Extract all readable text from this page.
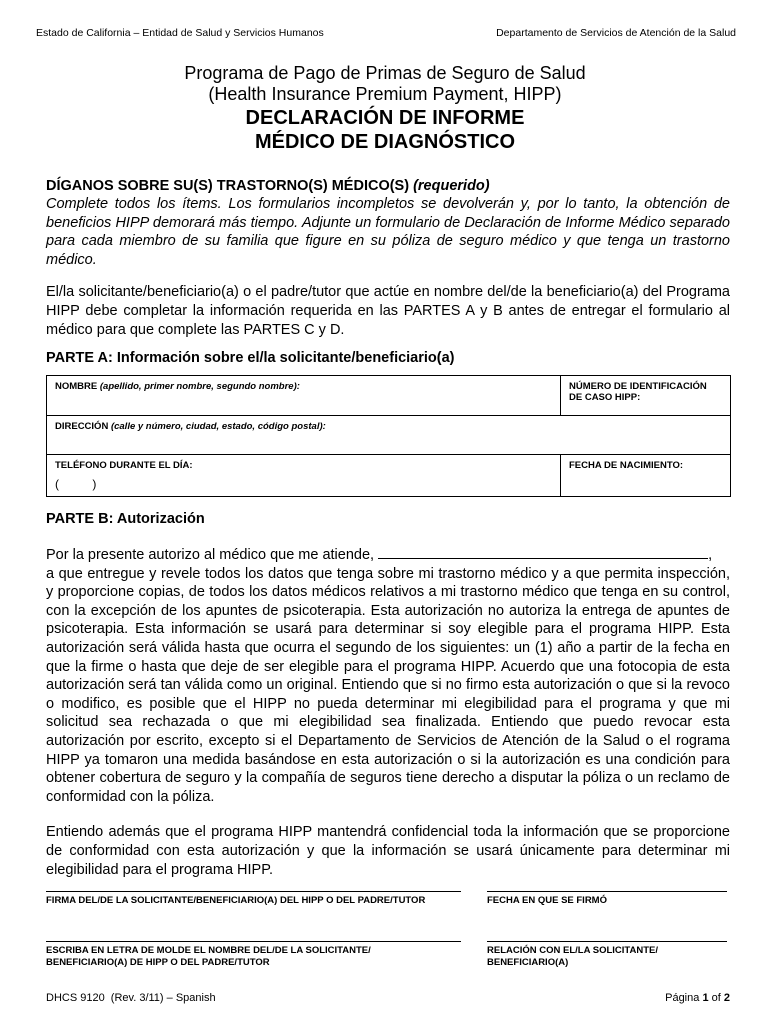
Estado de California – Entidad de Salud y Servicios Humanos	Departamento de Servicios de Atención de la Salud
Programa de Pago de Primas de Seguro de Salud
(Health Insurance Premium Payment, HIPP)
DECLARACIÓN DE INFORME
MÉDICO DE DIAGNÓSTICO

DÍGANOS SOBRE SU(S) TRASTORNO(S) MÉDICO(S) (requerido)

Complete todos los ítems. Los formularios incompletos se devolverán y, por lo tanto, la obtención de beneficios HIPP demorará más tiempo. Adjunte un formulario de Declaración de Informe Médico separado para cada miembro de su familia que figure en su póliza de seguro médico y que tenga un trastorno médico.

El/la solicitante/beneficiario(a) o el padre/tutor que actúe en nombre del/de la beneficiario(a) del Programa HIPP debe completar la información requerida en las PARTES A y B antes de entregar el formulario al médico para que complete las PARTES C y D.

PARTE A: Información sobre el/la solicitante/beneficiario(a)

NOMBRE (apellido, primer nombre, segundo nombre):	NÚMERO DE IDENTIFICACIÓN DE CASO HIPP:
DIRECCIÓN (calle y número, ciudad, estado, código postal):	

TELÉFONO DURANTE EL DÍA:
(          )	FECHA DE NACIMIENTO:

PARTE B: Autorización

Por la presente autorizo al médico que me atiende,	,

a que entregue y revele todos los datos que tenga sobre mi trastorno médico y a que permita inspección, y proporcione copias, de todos los datos médicos relativos a mi trastorno médico que tenga en su control, con la excepción de los apuntes de psicoterapia. Esta autorización no autoriza la entrega de apuntes de psicoterapia. Esta información se usará para determinar si soy elegible para el programa HIPP. Esta autorización será válida hasta que ocurra el segundo de los siguientes: un (1) año a partir de la fecha en que la firme o hasta que deje de ser elegible para el programa HIPP. Acuerdo que una fotocopia de esta autorización será tan válida como un original. Entiendo que si no firmo esta autorización o que si la revoco o modifico, es posible que el HIPP no pueda determinar mi elegibilidad para el programa y que mi solicitud sea rechazada o que mi elegibilidad sea finalizada. Entiendo que puedo revocar esta autorización por escrito, excepto si el Departamento de Servicios de Atención de la Salud o el rograma HIPP ya tomaron una medida basándose en esta autorización o si la autorización es una condición para obtener cobertura de seguro y la compañía de seguros tiene derecho a disputar la póliza o un reclamo de conformidad con la póliza.

Entiendo además que el programa HIPP mantendrá confidencial toda la información que se proporcione de conformidad con esta autorización y que la información se usará únicamente para determinar mi elegibilidad para el programa HIPP.

FIRMA DEL/DE LA SOLICITANTE/BENEFICIARIO(A) DEL HIPP O DEL PADRE/TUTOR	FECHA EN QUE SE FIRMÓ
ESCRIBA EN LETRA DE MOLDE EL NOMBRE DEL/DE LA SOLICITANTE/
BENEFICIARIO(A) DE HIPP O DEL PADRE/TUTOR
RELACIÓN CON EL/LA SOLICITANTE/
BENEFICIARIO(A)
DHCS 9120  (Rev. 3/11) – Spanish	Página 1 of 2
